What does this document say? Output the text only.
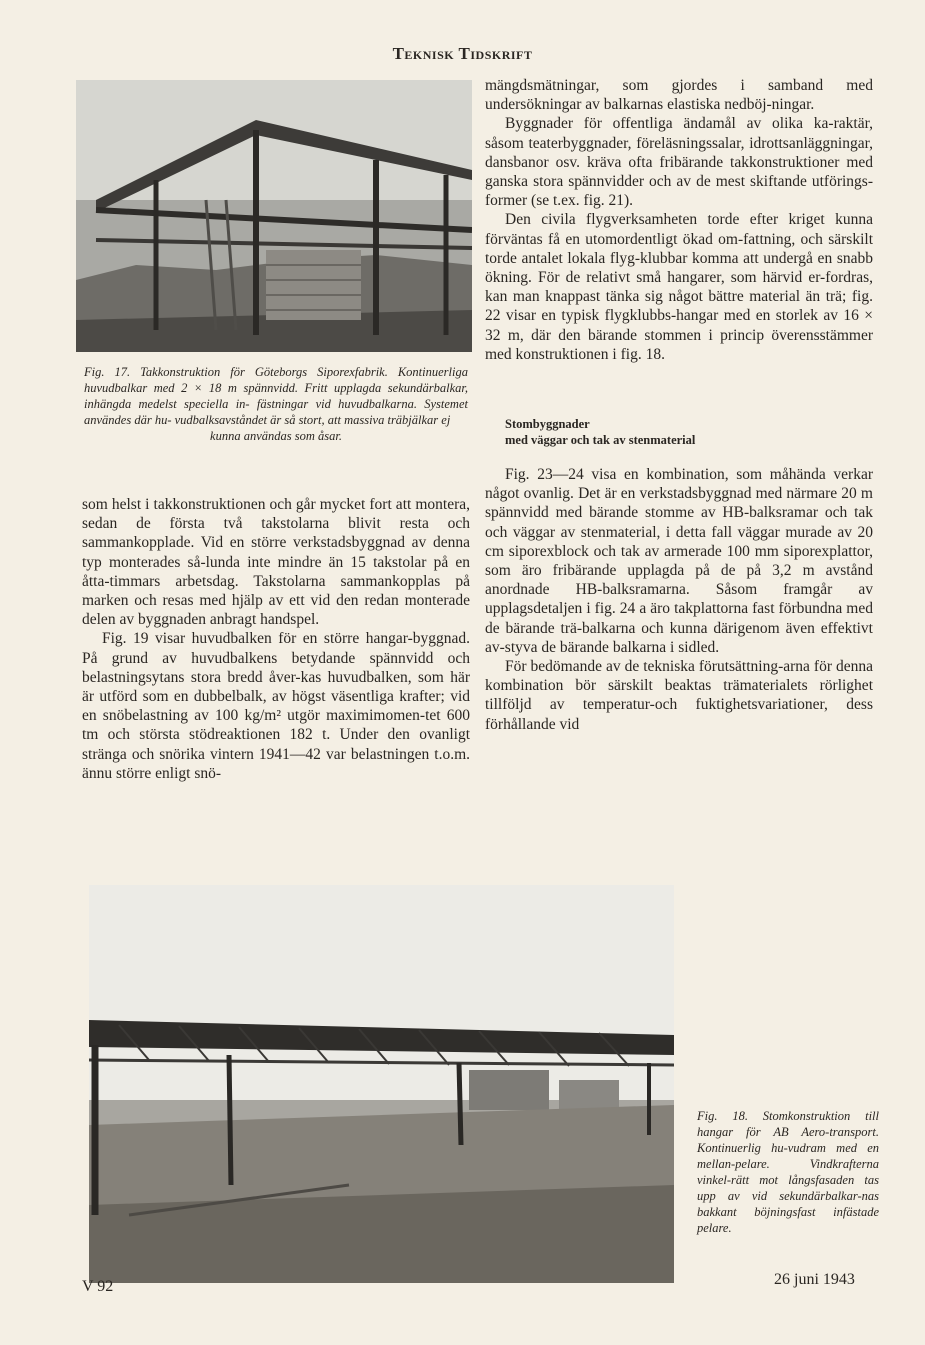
Teknisk Tidskrift
Fig. 17. Takkonstruktion för Göteborgs Siporexfabrik. Kontinuerliga huvudbalkar med 2 × 18 m spännvidd. Fritt upplagda sekundärbalkar, inhängda medelst speciella in- fästningar vid huvudbalkarna. Systemet användes där hu- vudbalksavståndet är så stort, att massiva träbjälkar ej
kunna användas som åsar.

som helst i takkonstruktionen och går mycket fort att montera, sedan de första två takstolarna blivit resta och sammankopplade. Vid en större verkstadsbyggnad av denna typ monterades så-lunda inte mindre än 15 takstolar på en åtta-timmars arbetsdag. Takstolarna sammankopplas på marken och resas med hjälp av ett vid den redan monterade delen av byggnaden anbragt handspel.

Fig. 19 visar huvudbalken för en större hangar-byggnad. På grund av huvudbalkens betydande spännvidd och belastningsytans stora bredd åver-kas huvudbalken, som här är utförd som en dubbelbalk, av högst väsentliga krafter; vid en snöbelastning av 100 kg/m² utgör maximimomen-tet 600 tm och största stödreaktionen 182 t. Under den ovanligt stränga och snörika vintern 1941—42 var belastningen t.o.m. ännu större enligt snö-

mängdsmätningar, som gjordes i samband med undersökningar av balkarnas elastiska nedböj-ningar.

Byggnader för offentliga ändamål av olika ka-raktär, såsom teaterbyggnader, föreläsningssalar, idrottsanläggningar, dansbanor osv. kräva ofta fribärande takkonstruktioner med ganska stora spännvidder och av de mest skiftande utförings-former (se t.ex. fig. 21).

Den civila flygverksamheten torde efter kriget kunna förväntas få en utomordentligt ökad om-fattning, och särskilt torde antalet lokala flyg-klubbar komma att undergå en snabb ökning. För de relativt små hangarer, som härvid er-fordras, kan man knappast tänka sig något bättre material än trä; fig. 22 visar en typisk flygklubbs-hangar med en storlek av 16 × 32 m, där den bärande stommen i princip överensstämmer med konstruktionen i fig. 18.

Stombyggnader
med väggar och tak av stenmaterial

Fig. 23—24 visa en kombination, som måhända verkar något ovanlig. Det är en verkstadsbyggnad med närmare 20 m spännvidd med bärande stomme av HB-balksramar och tak och väggar av stenmaterial, i detta fall väggar murade av 20 cm siporexblock och tak av armerade 100 mm siporexplattor, som äro fribärande upplagda på de på 3,2 m avstånd anordnade HB-balksramarna. Såsom framgår av upplagsdetaljen i fig. 24 a äro takplattorna fast förbundna med de bärande trä-balkarna och kunna därigenom även effektivt av-styva de bärande balkarna i sidled.

För bedömande av de tekniska förutsättning-arna för denna kombination bör särskilt beaktas trämaterialets rörlighet tillföljd av temperatur-och fuktighetsvariationer, dess förhållande vid

Fig. 18. Stomkonstruktion till hangar för AB Aero-transport. Kontinuerlig hu-vudram med en mellan-pelare. Vindkrafterna vinkel-rätt mot långsfasaden tas upp av vid sekundärbalkar-nas bakkant böjningsfast infästade pelare.
V 92	26 juni 1943
